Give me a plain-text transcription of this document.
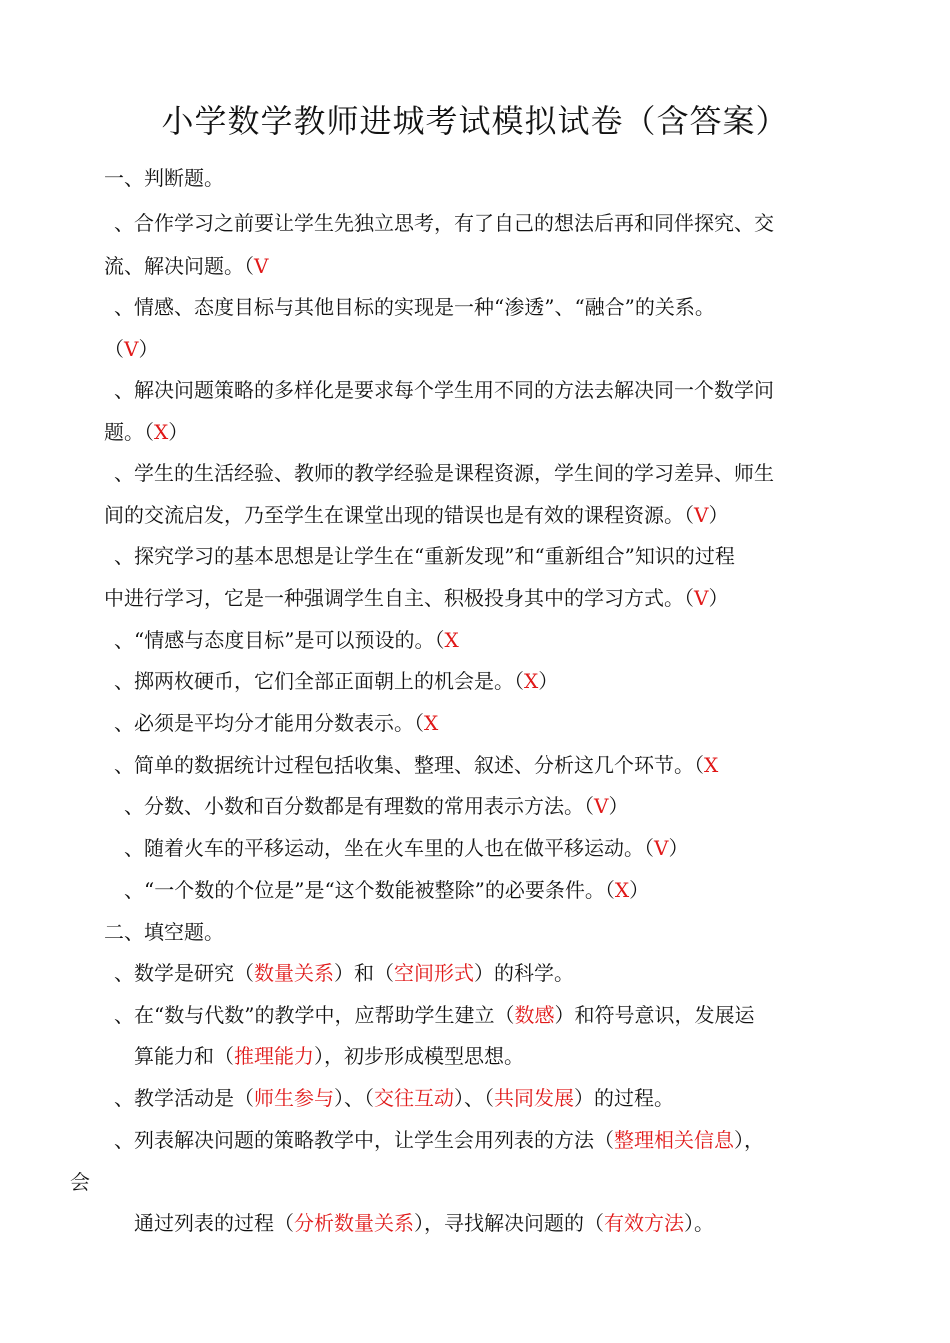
小学数学教师进城考试模拟试卷（含答案）
一、判断题。
、合作学习之前要让学生先独立思考，有了自己的想法后再和同伴探究、交
流、解决问题。（V
、情感、态度目标与其他目标的实现是一种“渗透”、“融合”的关系。
（V）
、解决问题策略的多样化是要求每个学生用不同的方法去解决同一个数学问
题。（X）
、学生的生活经验、教师的教学经验是课程资源，学生间的学习差异、师生
间的交流启发，乃至学生在课堂出现的错误也是有效的课程资源。（V）
、探究学习的基本思想是让学生在“重新发现”和“重新组合”知识的过程
中进行学习，它是一种强调学生自主、积极投身其中的学习方式。（V）
、“情感与态度目标”是可以预设的。（X
、掷两枚硬币，它们全部正面朝上的机会是。（X）
、必须是平均分才能用分数表示。（X
、简单的数据统计过程包括收集、整理、叙述、分析这几个环节。（X
、分数、小数和百分数都是有理数的常用表示方法。（V）
、随着火车的平移运动，坐在火车里的人也在做平移运动。（V）
、“一个数的个位是”是“这个数能被整除”的必要条件。（X）
二、填空题。
、数学是研究（数量关系）和（空间形式）的科学。
、在“数与代数”的教学中，应帮助学生建立（数感）和符号意识，发展运
算能力和（推理能力），初步形成模型思想。
、教学活动是（师生参与）、（交往互动）、（共同发展）的过程。
、列表解决问题的策略教学中，让学生会用列表的方法（整理相关信息），
会
通过列表的过程（分析数量关系），寻找解决问题的（有效方法）。
